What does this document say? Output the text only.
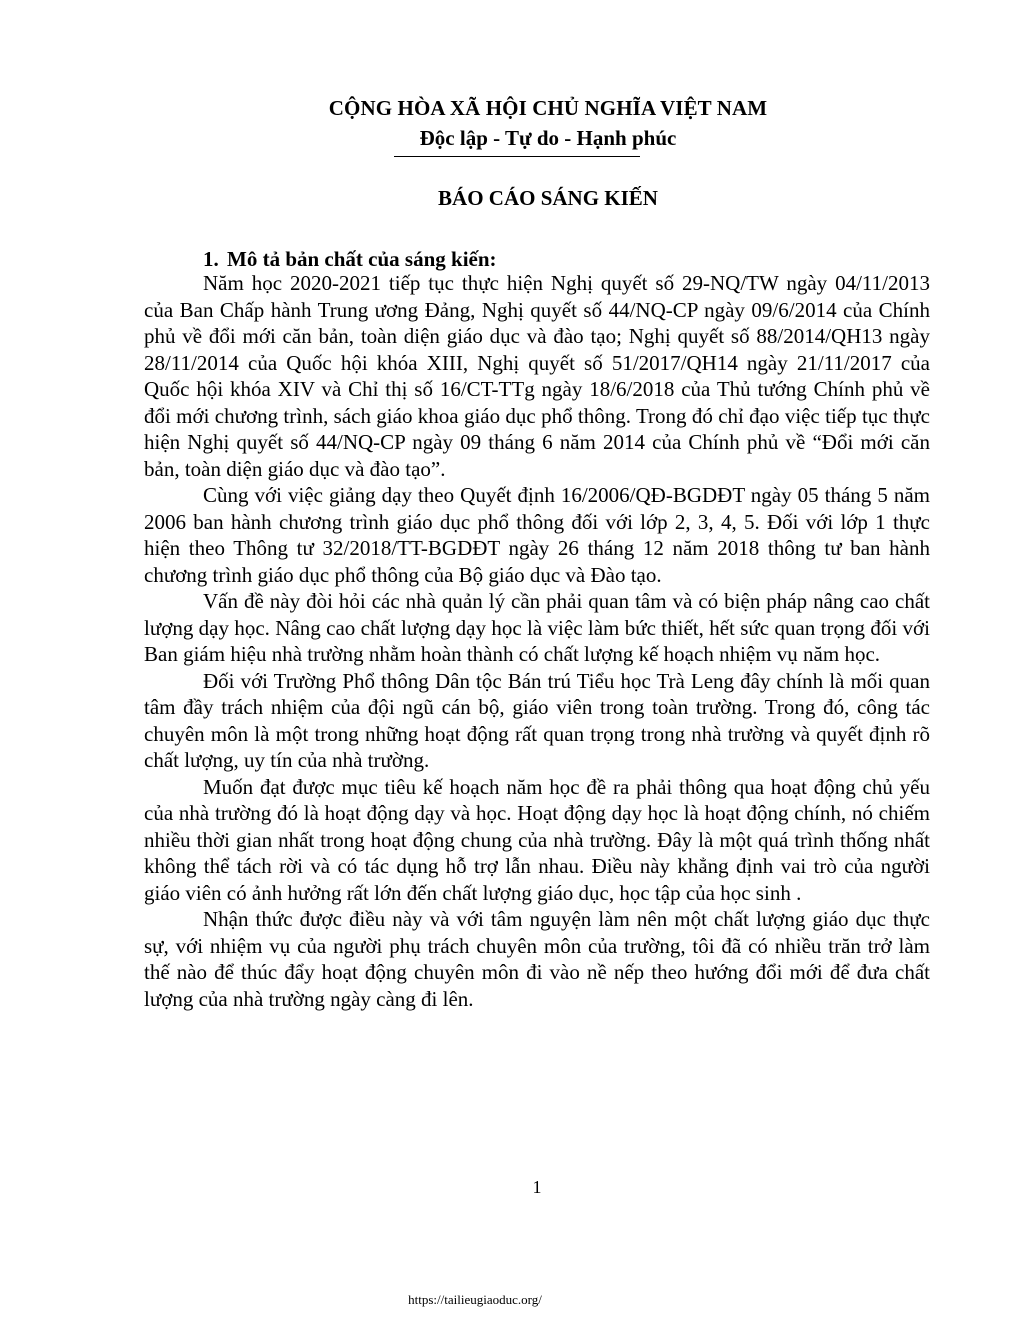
CỘNG HÒA XÃ HỘI CHỦ NGHĨA VIỆT NAM
Độc lập - Tự do - Hạnh phúc
BÁO CÁO SÁNG KIẾN
1. Mô tả bản chất của sáng kiến:

Năm học 2020-2021 tiếp tục thực hiện Nghị quyết số 29-NQ/TW ngày 04/11/2013 của Ban Chấp hành Trung ương Đảng, Nghị quyết số 44/NQ-CP ngày 09/6/2014 của Chính phủ về đổi mới căn bản, toàn diện giáo dục và đào tạo; Nghị quyết số 88/2014/QH13 ngày 28/11/2014 của Quốc hội khóa XIII, Nghị quyết số 51/2017/QH14 ngày 21/11/2017 của Quốc hội khóa XIV và Chỉ thị số 16/CT-TTg ngày 18/6/2018 của Thủ tướng Chính phủ về đổi mới chương trình, sách giáo khoa giáo dục phổ thông. Trong đó chỉ đạo việc tiếp tục thực hiện Nghị quyết số 44/NQ-CP ngày 09 tháng 6 năm 2014 của Chính phủ về “Đổi mới căn bản, toàn diện giáo dục và đào tạo”.

Cùng với việc giảng dạy theo Quyết định 16/2006/QĐ-BGDĐT ngày 05 tháng 5 năm 2006 ban hành chương trình giáo dục phổ thông đối với lớp 2, 3, 4, 5. Đối với lớp 1 thực hiện theo Thông tư 32/2018/TT-BGDĐT ngày 26 tháng 12 năm 2018 thông tư ban hành chương trình giáo dục phổ thông của Bộ giáo dục và Đào tạo.

Vấn đề này đòi hỏi các nhà quản lý cần phải quan tâm và có biện pháp nâng cao chất lượng dạy học. Nâng cao chất lượng dạy học là việc làm bức thiết, hết sức quan trọng đối với Ban giám hiệu nhà trường nhằm hoàn thành có chất lượng kế hoạch nhiệm vụ năm học.

Đối với Trường Phổ thông Dân tộc Bán trú Tiểu học Trà Leng đây chính là mối quan tâm đầy trách nhiệm của đội ngũ cán bộ, giáo viên trong toàn trường. Trong đó, công tác chuyên môn là một trong những hoạt động rất quan trọng trong nhà trường và quyết định rõ chất lượng, uy tín của nhà trường.

Muốn đạt được mục tiêu kế hoạch năm học đề ra phải thông qua hoạt động chủ yếu của nhà trường đó là hoạt động dạy và học. Hoạt động dạy học là hoạt động chính, nó chiếm nhiều thời gian nhất trong hoạt động chung của nhà trường. Đây là một quá trình thống nhất không thể tách rời và có tác dụng hỗ trợ lẫn nhau. Điều này khẳng định vai trò của người giáo viên có ảnh hưởng rất lớn đến chất lượng giáo dục, học tập của học sinh .

Nhận thức được điều này và với tâm nguyện làm nên một chất lượng giáo dục thực sự, với nhiệm vụ của người phụ trách chuyên môn của trường, tôi đã có nhiều trăn trở làm thế nào để thúc đẩy hoạt động chuyên môn đi vào nề nếp theo hướng đổi mới để đưa chất lượng của nhà trường ngày càng đi lên.

1
https://tailieugiaoduc.org/
